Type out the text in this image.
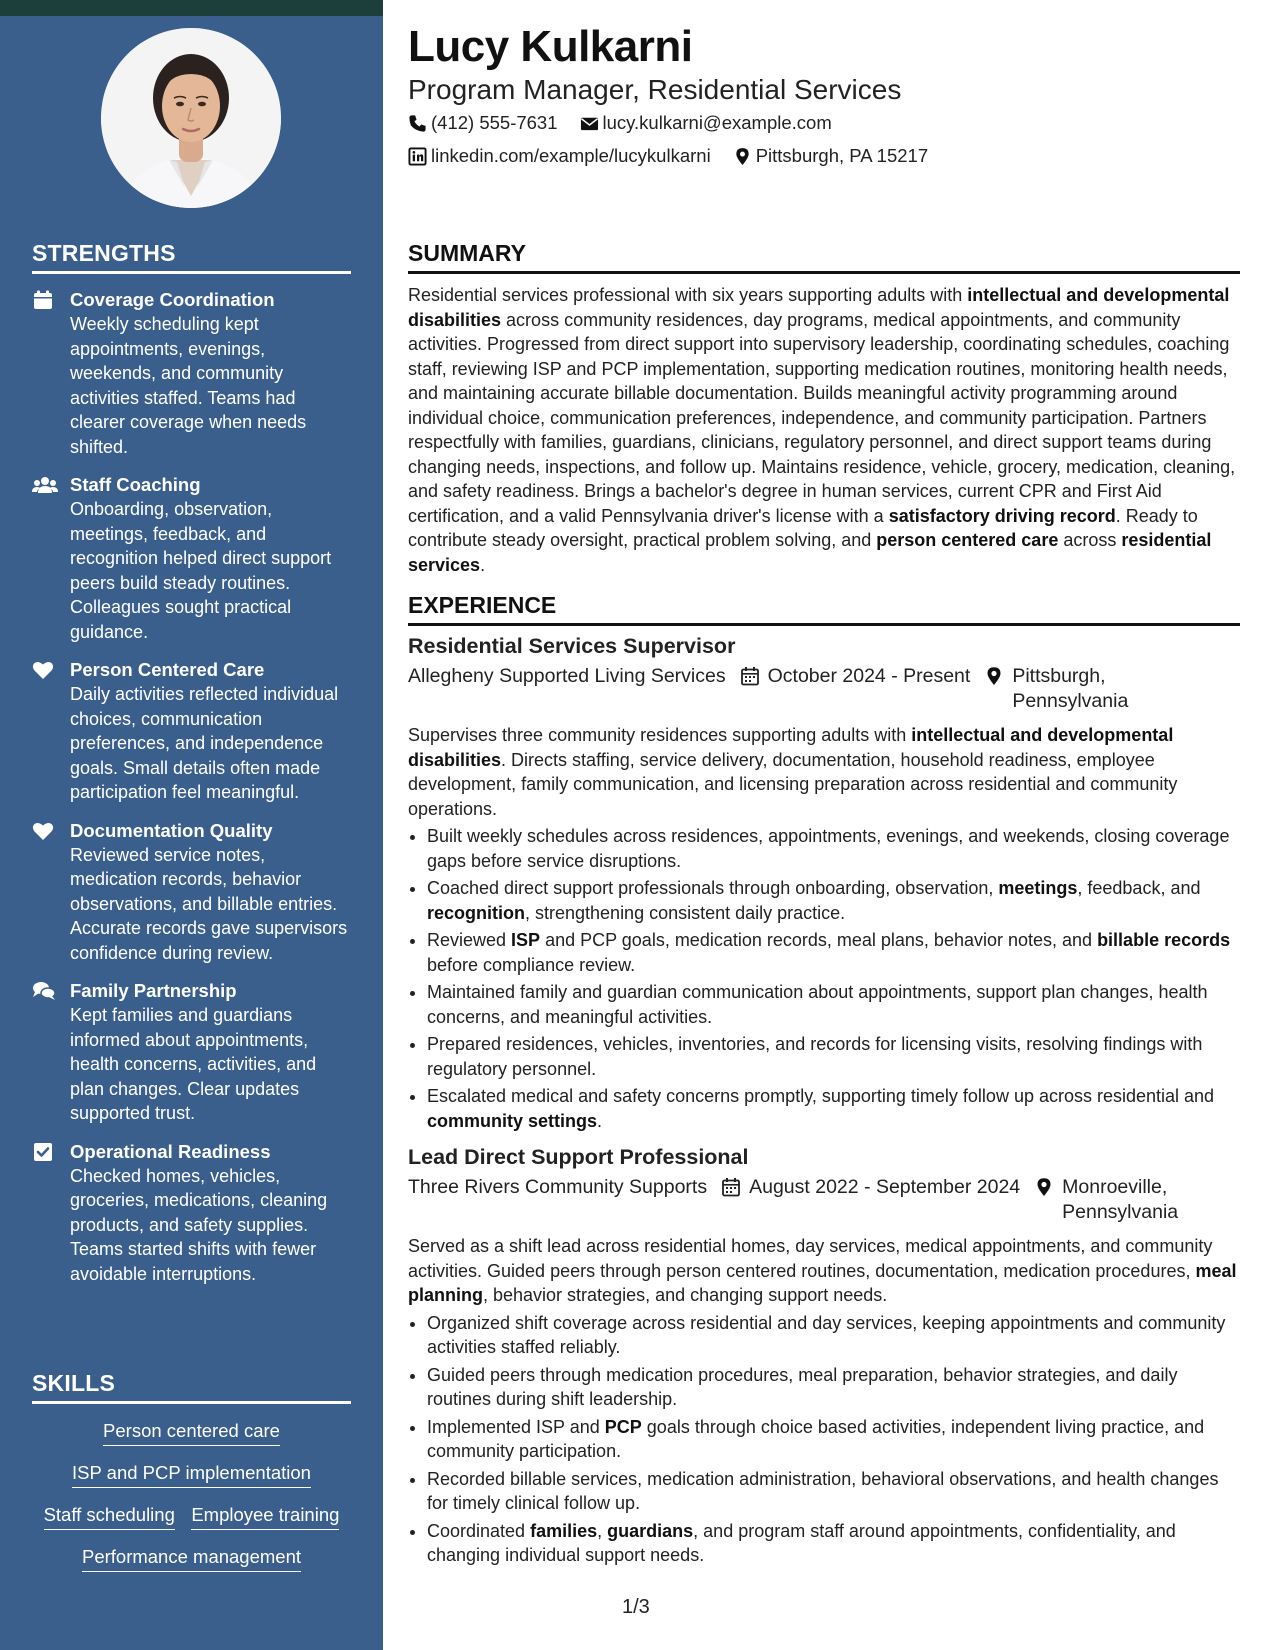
STRENGTHS
Coverage Coordination
Weekly scheduling kept appointments, evenings, weekends, and community activities staffed. Teams had clearer coverage when needs shifted.
Staff Coaching
Onboarding, observation, meetings, feedback, and recognition helped direct support peers build steady routines. Colleagues sought practical guidance.
Person Centered Care
Daily activities reflected individual choices, communication preferences, and independence goals. Small details often made participation feel meaningful.
Documentation Quality
Reviewed service notes, medication records, behavior observations, and billable entries. Accurate records gave supervisors confidence during review.
Family Partnership
Kept families and guardians informed about appointments, health concerns, activities, and plan changes. Clear updates supported trust.
Operational Readiness
Checked homes, vehicles, groceries, medications, cleaning products, and safety supplies. Teams started shifts with fewer avoidable interruptions.
SKILLS
Person centered care
ISP and PCP implementation
Staff scheduling Employee training
Performance management
Lucy Kulkarni
Program Manager, Residential Services
(412) 555-7631 lucy.kulkarni@example.com
linkedin.com/example/lucykulkarni Pittsburgh, PA 15217
SUMMARY

Residential services professional with six years supporting adults with intellectual and developmental disabilities across community residences, day programs, medical appointments, and community activities. Progressed from direct support into supervisory leadership, coordinating schedules, coaching staff, reviewing ISP and PCP implementation, supporting medication routines, monitoring health needs, and maintaining accurate billable documentation. Builds meaningful activity programming around individual choice, communication preferences, independence, and community participation. Partners respectfully with families, guardians, clinicians, regulatory personnel, and direct support teams during changing needs, inspections, and follow up. Maintains residence, vehicle, grocery, medication, cleaning, and safety readiness. Brings a bachelor's degree in human services, current CPR and First Aid certification, and a valid Pennsylvania driver's license with a satisfactory driving record. Ready to contribute steady oversight, practical problem solving, and person centered care across residential services.

EXPERIENCE
Residential Services Supervisor
Allegheny Supported Living Services October 2024 - Present Pittsburgh, Pennsylvania

Supervises three community residences supporting adults with intellectual and developmental disabilities. Directs staffing, service delivery, documentation, household readiness, employee development, family communication, and licensing preparation across residential and community operations.

• Built weekly schedules across residences, appointments, evenings, and weekends, closing coverage gaps before service disruptions.
• Coached direct support professionals through onboarding, observation, meetings, feedback, and recognition, strengthening consistent daily practice.
• Reviewed ISP and PCP goals, medication records, meal plans, behavior notes, and billable records before compliance review.
• Maintained family and guardian communication about appointments, support plan changes, health concerns, and meaningful activities.
• Prepared residences, vehicles, inventories, and records for licensing visits, resolving findings with regulatory personnel.
• Escalated medical and safety concerns promptly, supporting timely follow up across residential and community settings.
Lead Direct Support Professional
Three Rivers Community Supports August 2022 - September 2024 Monroeville, Pennsylvania

Served as a shift lead across residential homes, day services, medical appointments, and community activities. Guided peers through person centered routines, documentation, medication procedures, meal planning, behavior strategies, and changing support needs.

• Organized shift coverage across residential and day services, keeping appointments and community activities staffed reliably.
• Guided peers through medication procedures, meal preparation, behavior strategies, and daily routines during shift leadership.
• Implemented ISP and PCP goals through choice based activities, independent living practice, and community participation.
• Recorded billable services, medication administration, behavioral observations, and health changes for timely clinical follow up.
• Coordinated families, guardians, and program staff around appointments, confidentiality, and changing individual support needs.
1/3
